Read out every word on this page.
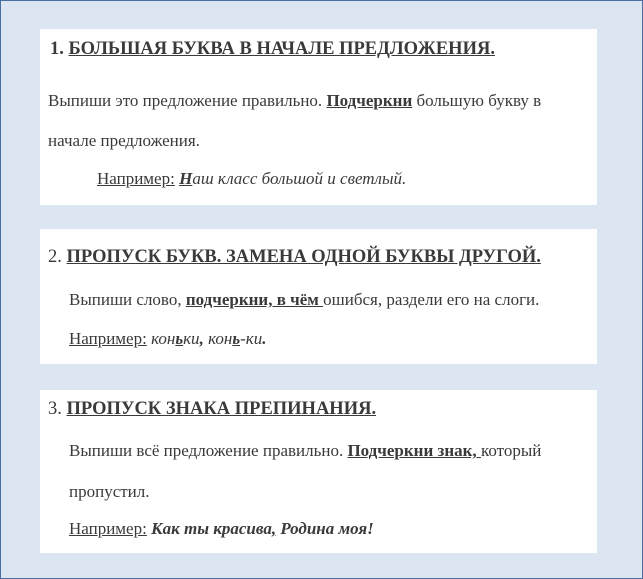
1. БОЛЬШАЯ БУКВА В НАЧАЛЕ ПРЕДЛОЖЕНИЯ.
Выпиши это предложение правильно. Подчеркни большую букву в
начале предложения.
Например: Наш класс большой и светлый.
2. ПРОПУСК БУКВ. ЗАМЕНА ОДНОЙ БУКВЫ ДРУГОЙ.
Выпиши слово, подчеркни, в чём ошибся, раздели его на слоги.
Например: коньки, конь-ки.
3. ПРОПУСК ЗНАКА ПРЕПИНАНИЯ.
Выпиши всё предложение правильно. Подчеркни знак, который
пропустил.
Например: Как ты красива, Родина моя!
